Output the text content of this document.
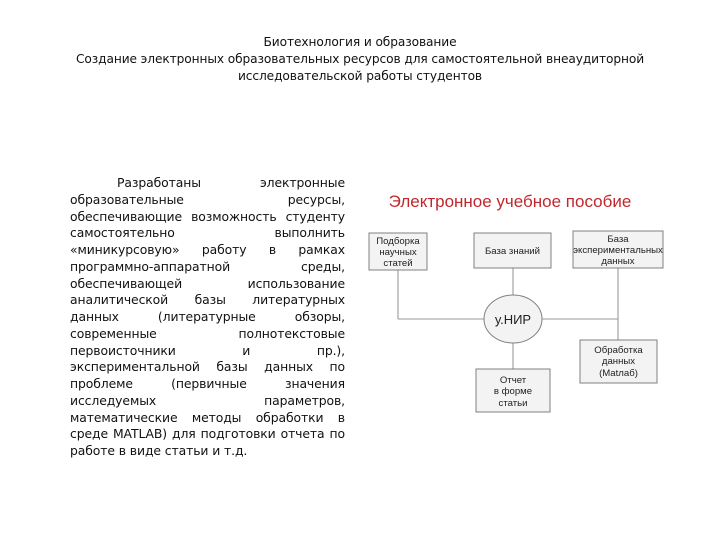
Биотехнология и образование
Создание электронных образовательных ресурсов для самостоятельной внеаудиторной
исследовательской работы студентов
Разработаны электронные образовательные ресурсы, обеспечивающие возможность студенту самостоятельно выполнить «миникурсовую» работу в рамках программно-аппаратной среды, обеспечивающей использование аналитической базы литературных данных (литературные обзоры, современные полнотекстовые первоисточники и пр.), экспериментальной базы данных по проблеме (первичные значения исследуемых параметров, математические методы обработки в среде MATLAB) для подготовки отчета по работе в виде статьи и т.д.
Электронное учебное пособие
Подборка
научных
статей
База знаний
База
экспериментальных
данных
у.НИР
Обработка
данных
(Matлaб)
Отчет
в форме
статьи
